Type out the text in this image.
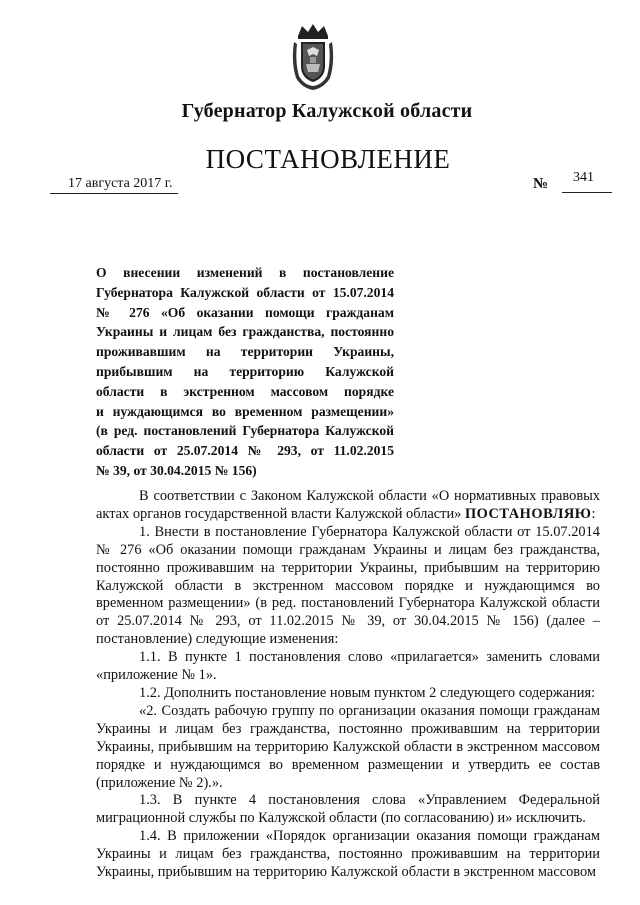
Губернатор Калужской области
ПОСТАНОВЛЕНИЕ
17 августа 2017 г.	№ 341
О внесении изменений в постановление
Губернатора Калужской области от 15.07.2014
№ 276 «Об оказании помощи гражданам
Украины и лицам без гражданства, постоянно
проживавшим на территории Украины,
прибывшим на территорию Калужской
области в экстренном массовом порядке
и нуждающимся во временном размещении»
(в ред. постановлений Губернатора Калужской
области от 25.07.2014 № 293, от 11.02.2015
№ 39, от 30.04.2015 № 156)

В соответствии с Законом Калужской области «О нормативных правовых актах органов государственной власти Калужской области» ПОСТАНОВЛЯЮ:

1. Внести в постановление Губернатора Калужской области от 15.07.2014 № 276 «Об оказании помощи гражданам Украины и лицам без гражданства, постоянно проживавшим на территории Украины, прибывшим на территорию Калужской области в экстренном массовом порядке и нуждающимся во временном размещении» (в ред. постановлений Губернатора Калужской области от 25.07.2014 № 293, от 11.02.2015 № 39, от 30.04.2015 № 156) (далее – постановление) следующие изменения:

1.1. В пункте 1 постановления слово «прилагается» заменить словами «приложение № 1».

1.2. Дополнить постановление новым пунктом 2 следующего содержания:

«2. Создать рабочую группу по организации оказания помощи гражданам Украины и лицам без гражданства, постоянно проживавшим на территории Украины, прибывшим на территорию Калужской области в экстренном массовом порядке и нуждающимся во временном размещении и утвердить ее состав (приложение № 2).».

1.3. В пункте 4 постановления слова «Управлением Федеральной миграционной службы по Калужской области (по согласованию) и» исключить.

1.4. В приложении «Порядок организации оказания помощи гражданам Украины и лицам без гражданства, постоянно проживавшим на территории Украины, прибывшим на территорию Калужской области в экстренном массовом
